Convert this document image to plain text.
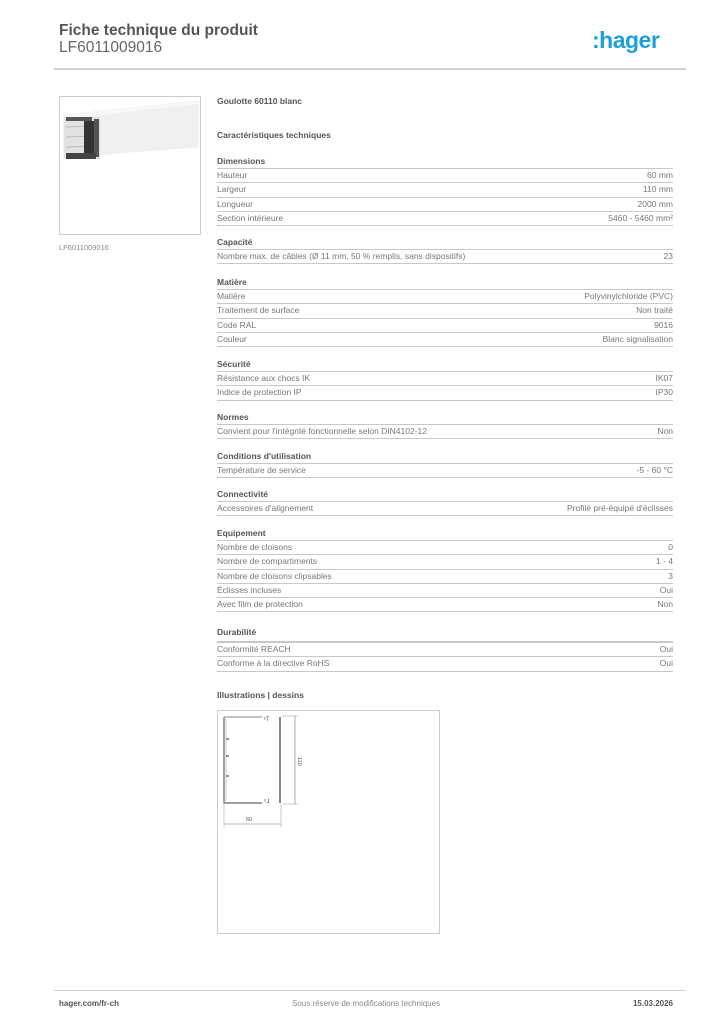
Fiche technique du produit
LF6011009016	:hager
LF6011009016
Goulotte 60110 blanc
Caractéristiques techniques
Dimensions
Hauteur	60 mm
Largeur	110 mm
Longueur	2000 mm
Section intérieure	5460 - 5460 mm²
Capacité
Nombre max. de câbles (Ø 11 mm, 50 % remplis, sans dispositifs)	23
Matière
Matière	Polyvinylchloride (PVC)
Traitement de surface	Non traité
Code RAL	9016
Couleur	Blanc signalisation
Sécurité
Résistance aux chocs IK	IK07
Indice de protection IP	IP30
Normes
Convient pour l'intégrité fonctionnelle selon DIN4102-12	Non
Conditions d'utilisation
Température de service	-5 - 60 °C
Connectivité
Accessoires d'alignement	Profilé pré-équipé d'éclisses
Equipement
Nombre de cloisons	0
Nombre de compartiments	1 - 4
Nombre de cloisons clipsables	3
Éclisses incluses	Oui
Avec film de protection	Non
Durabilité
Conformité REACH	Oui
Conforme à la directive RoHS	Oui
Illustrations | dessins
ᵋT
ᵒ⅃
110
60
hager.com/fr-ch	Sous réserve de modifications techniques	15.03.2026
